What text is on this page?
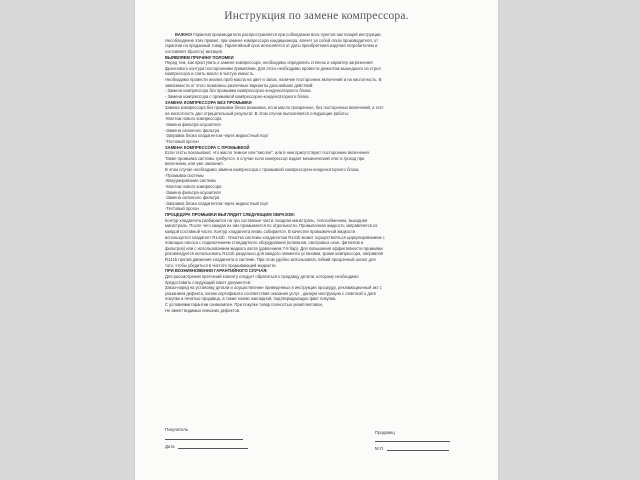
Инструкция по замене компрессора.

ВАЖНО! Гарантия производителя распространяется при соблюдении всех пунктов настоящей инструкции.

Несоблюдение этих правил, при замене компрессора кондиционера, влечет за собой отказ производителя, от

гарантии на проданный товар. Гарантийный срок исчисляется от даты приобретения изделия потребителем и

составляет 6(шесть) месяцев.

ВЫЯВЛЯЕМ ПРИЧИНУ ПОЛОМКИ

Перед тем, как приступить к замене компрессора, необходимо определить степень и характер загрязнения

фреонового контура посторонними примесями. Для этого необходимо провести демонтаж вышедшего из строя

компрессора и слить масло в чистую емкость.

Необходимо провести анализ проб масла на цвет и запах, наличие посторонних включений и на кислотность. В

зависимости от этого возможны различные варианты дальнейших действий:

- Замена компрессора без промывки компрессорно-конденсаторного блока.

- Замена компрессора с промывкой компрессорно-конденсаторного блока.

ЗАМЕНА КОМПРЕССОРА БЕЗ ПРОМЫВКИ

Замена компрессора без промывки блока возможна, если масло прозрачное, без посторонних включений, а тест

на кислотность дал отрицательный результат. В этом случае выполняются следующие работы:

-Монтаж нового компрессора

-Замена фильтра-осушителя

-Замена сапонного фильтра

-Заправка блока хладагентом через жидкостный порт

-Тестовый прогон

ЗАМЕНА КОМПРЕССОРА С ПРОМЫВКОЙ

Если тесты показывают, что масло темное или "кислое", или в нем присутствуют посторонние включения.

Также промывка системы требуется, в случае если компрессор издает механический лязг и гроход при

включении, или уже заклинил.

В этом случае необходимо замена компрессора с промывкой компрессорно-конденсаторного блока.

-Промывка системы

-Вакуумирование системы

-Монтаж нового компрессора

-Замена фильтра-осушителя

-Замена сапонного фильтра

-Заправка блока хладагентом через жидкостный порт

-Тестовый прогон

ПРОЦЕДУРА ПРОМЫВКИ ВЫГЛЯДИТ СЛЕДУЮЩИМ ОБРАЗОМ:

Контур хладагента разбирается на три составные части: входная магистраль, теплообменник, выходная

магистраль. После чего каждая их них промывается по отдельности. Промывочная жидкость заправляется из

каждой составной части. Контур хладагента вновь собирается. В качестве промывочной жидкости

используется хладагент R141b . Очистка системы хладагентом R141b может осуществляться циркулированием с

помощью насоса с подключением стандартного оборудования (клапанов, смотровых окон, фитингов и

фильтров) или с использованием жидкого азота (давлением 7-8 бар). Для повышения эффективности промывки

рекомендуется использовать R141b раздельно для каждого элемента установки, кроме компрессора, направляя

R141b против движения хладагента в системе. При этом удобно использовать гибкий прозрачный шланг для

того, чтобы убедиться в чистоте промывающей жидкости.

ПРИ ВОЗНИКНОВЕНИИ ГАРАНТИЙНОГО СЛУЧАЯ:

Для рассмотрения претензий клиенту следует обратиться к продавцу детали, которому необходимо

предоставить следующий пакет документов:

Заказ-наряд на установку детали и осуществление приведенных в инструкции процедур, рекламационный акт с

указанием дефекта, копию сертификата соответствия оказания услуг , данную инструкцию с отметкой о дате

покупки и печатью продавца, а также копию накладной, подтверждающую факт покупки.

С условиями гарантии ознакомлен. При покупке товар полностью укомплектован,

Не имеет видимых внешних дефектов.

Покупатель
Дата
Продавец
М.П.
